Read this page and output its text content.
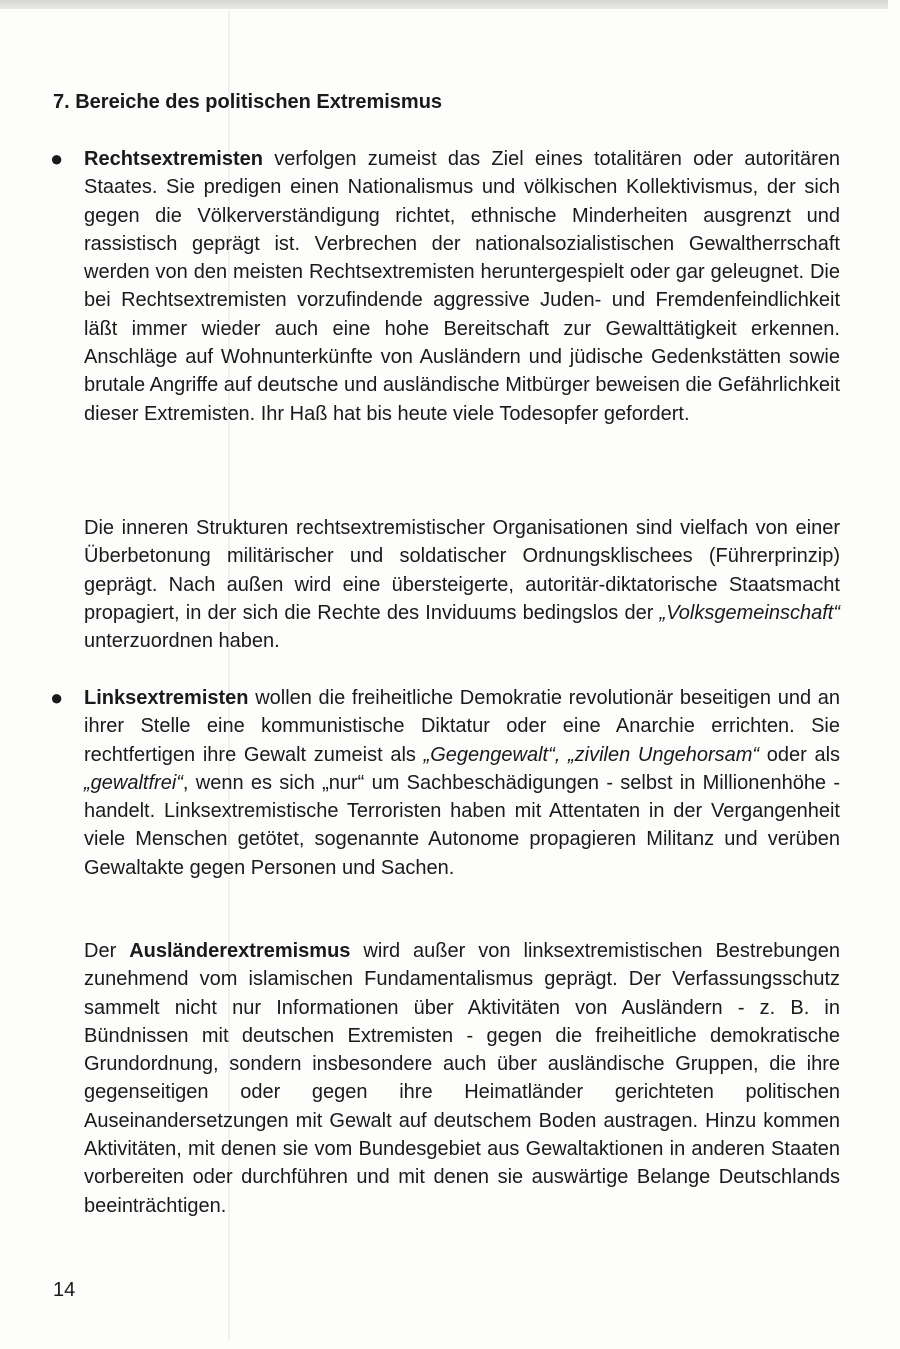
7. Bereiche des politischen Extremismus
● Rechtsextremisten verfolgen zumeist das Ziel eines totalitären oder autoritären Staates. Sie predigen einen Nationalismus und völkischen Kollektivismus, der sich gegen die Völkerverständigung richtet, ethnische Minderheiten ausgrenzt und rassistisch geprägt ist. Verbrechen der nationalsozialistischen Gewaltherrschaft werden von den meisten Rechtsextremisten heruntergespielt oder gar geleugnet. Die bei Rechtsextremisten vorzufindende aggressive Juden- und Fremdenfeindlichkeit läßt immer wieder auch eine hohe Bereitschaft zur Gewalttätigkeit erkennen. Anschläge auf Wohnunterkünfte von Ausländern und jüdische Gedenkstätten sowie brutale Angriffe auf deutsche und ausländische Mitbürger beweisen die Gefährlichkeit dieser Extremisten. Ihr Haß hat bis heute viele Todesopfer gefordert.

Die inneren Strukturen rechtsextremistischer Organisationen sind vielfach von einer Überbetonung militärischer und soldatischer Ordnungsklischees (Führerprinzip) geprägt. Nach außen wird eine übersteigerte, autoritär-diktatorische Staatsmacht propagiert, in der sich die Rechte des Inviduums bedingslos der „Volksgemeinschaft“ unterzuordnen haben.

● Linksextremisten wollen die freiheitliche Demokratie revolutionär beseitigen und an ihrer Stelle eine kommunistische Diktatur oder eine Anarchie errichten. Sie rechtfertigen ihre Gewalt zumeist als „Gegengewalt“, „zivilen Ungehorsam“ oder als „gewaltfrei“, wenn es sich „nur“ um Sachbeschädigungen - selbst in Millionenhöhe - handelt. Linksextremistische Terroristen haben mit Attentaten in der Vergangenheit viele Menschen getötet, sogenannte Autonome propagieren Militanz und verüben Gewaltakte gegen Personen und Sachen.

Der Ausländerextremismus wird außer von linksextremistischen Bestrebungen zunehmend vom islamischen Fundamentalismus geprägt. Der Verfassungsschutz sammelt nicht nur Informationen über Aktivitäten von Ausländern - z. B. in Bündnissen mit deutschen Extremisten - gegen die freiheitliche demokratische Grundordnung, sondern insbesondere auch über ausländische Gruppen, die ihre gegenseitigen oder gegen ihre Heimatländer gerichteten politischen Auseinandersetzungen mit Gewalt auf deutschem Boden austragen. Hinzu kommen Aktivitäten, mit denen sie vom Bundesgebiet aus Gewaltaktionen in anderen Staaten vorbereiten oder durchführen und mit denen sie auswärtige Belange Deutschlands beeinträchtigen.

14
